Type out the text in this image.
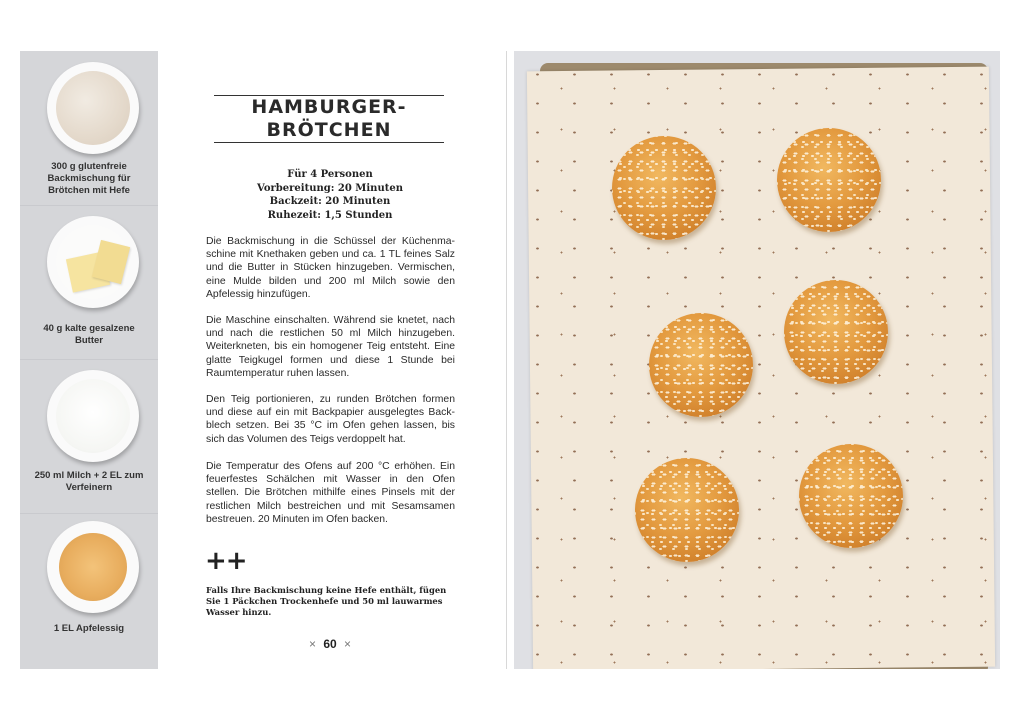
300 g glutenfreie
Backmischung für
Brötchen mit Hefe
40 g kalte gesalzene
Butter
250 ml Milch + 2 EL zum
Verfeinern
1 EL Apfelessig
HAMBURGER-
BRÖTCHEN
Für 4 Personen
Vorbereitung: 20 Minuten
Backzeit: 20 Minuten
Ruhezeit: 1,5 Stunden

Die Backmischung in die Schüssel der Küchenmaschine mit Knethaken geben und ca. 1 TL feines Salz und die Butter in Stücken hinzugeben. Vermischen, eine Mulde bilden und 200 ml Milch sowie den Apfelessig hinzufügen.

Die Maschine einschalten. Während sie knetet, nach und nach die restlichen 50 ml Milch hinzugeben. Weiterkneten, bis ein homogener Teig entsteht. Eine glatte Teigkugel formen und diese 1 Stunde bei Raumtemperatur ruhen lassen.

Den Teig portionieren, zu runden Brötchen formen und diese auf ein mit Backpapier ausgelegtes Backblech setzen. Bei 35 °C im Ofen gehen lassen, bis sich das Volumen des Teigs verdoppelt hat.

Die Temperatur des Ofens auf 200 °C erhöhen. Ein feuerfestes Schälchen mit Wasser in den Ofen stellen. Die Brötchen mithilfe eines Pinsels mit der restlichen Milch bestreichen und mit Sesamsamen bestreuen. 20 Minuten im Ofen backen.

++
Falls Ihre Backmischung keine Hefe enthält, fügen Sie 1 Päckchen Trockenhefe und 50 ml lauwarmes Wasser hinzu.
× 60 ×
